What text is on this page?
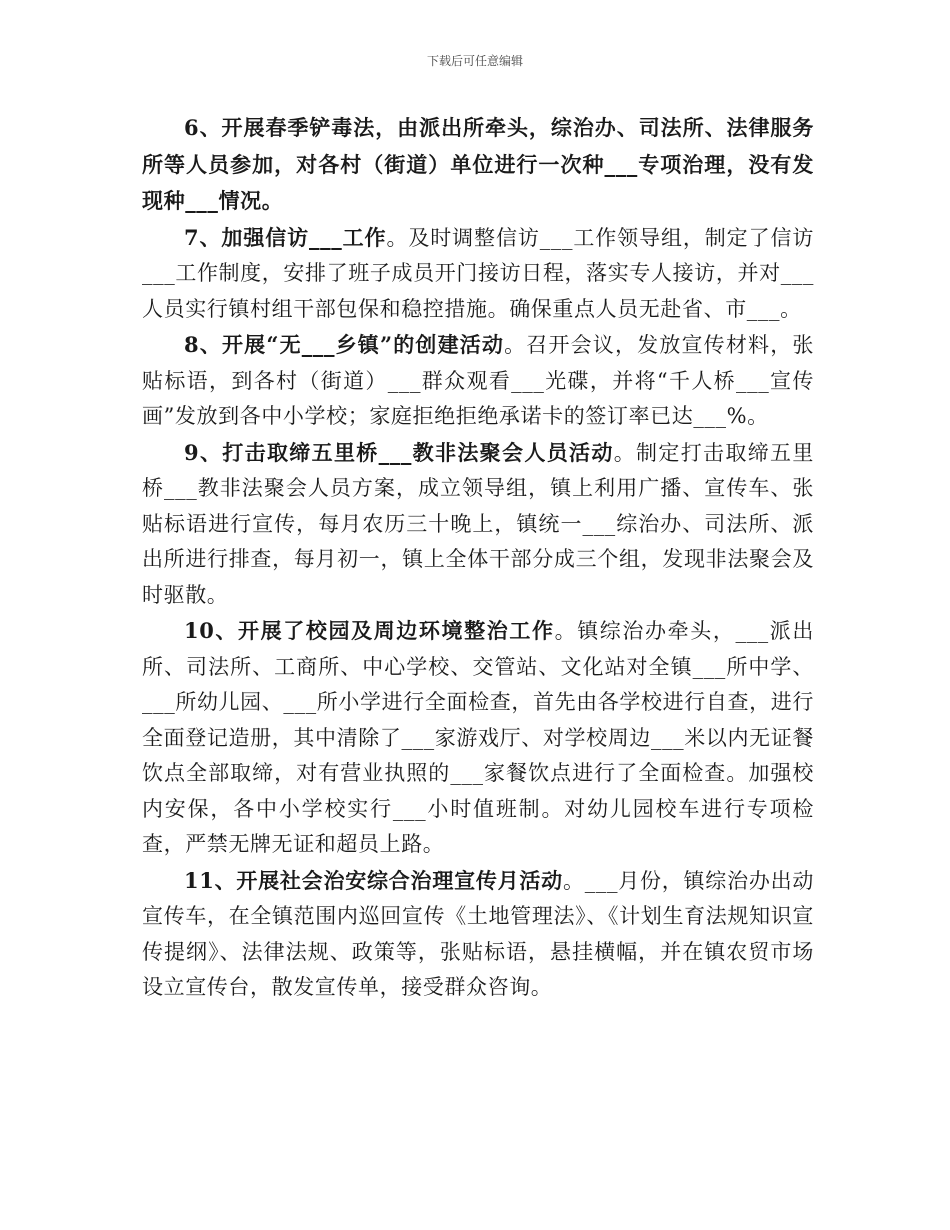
下载后可任意编辑

6、开展春季铲毒法，由派出所牵头，综治办、司法所、法律服务所等人员参加，对各村（街道）单位进行一次种___专项治理，没有发现种___情况。

7、加强信访___工作。及时调整信访___工作领导组，制定了信访___工作制度，安排了班子成员开门接访日程，落实专人接访，并对___人员实行镇村组干部包保和稳控措施。确保重点人员无赴省、市___。

8、开展“无___乡镇”的创建活动。召开会议，发放宣传材料，张贴标语，到各村（街道）___群众观看___光碟，并将“千人桥___宣传画”发放到各中小学校；家庭拒绝拒绝承诺卡的签订率已达___%。

9、打击取缔五里桥___教非法聚会人员活动。制定打击取缔五里桥___教非法聚会人员方案，成立领导组，镇上利用广播、宣传车、张贴标语进行宣传，每月农历三十晚上，镇统一___综治办、司法所、派出所进行排查，每月初一，镇上全体干部分成三个组，发现非法聚会及时驱散。

10、开展了校园及周边环境整治工作。镇综治办牵头，___派出所、司法所、工商所、中心学校、交管站、文化站对全镇___所中学、___所幼儿园、___所小学进行全面检查，首先由各学校进行自查，进行全面登记造册，其中清除了___家游戏厅、对学校周边___米以内无证餐饮点全部取缔，对有营业执照的___家餐饮点进行了全面检查。加强校内安保，各中小学校实行___小时值班制。对幼儿园校车进行专项检查，严禁无牌无证和超员上路。

11、开展社会治安综合治理宣传月活动。___月份，镇综治办出动宣传车，在全镇范围内巡回宣传《土地管理法》、《计划生育法规知识宣传提纲》、法律法规、政策等，张贴标语，悬挂横幅，并在镇农贸市场设立宣传台，散发宣传单，接受群众咨询。
